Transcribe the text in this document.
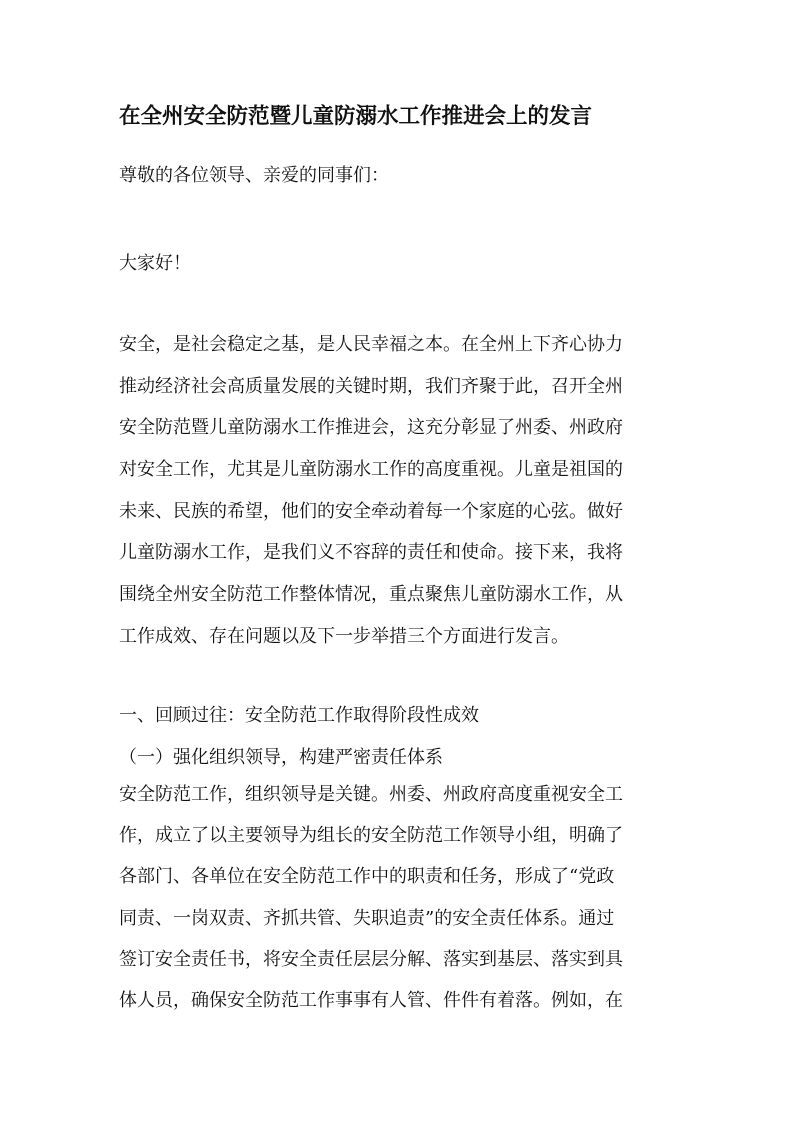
在全州安全防范暨儿童防溺水工作推进会上的发言

尊敬的各位领导、亲爱的同事们：

大家好！

安全，是社会稳定之基，是人民幸福之本。在全州上下齐心协力
推动经济社会高质量发展的关键时期，我们齐聚于此，召开全州
安全防范暨儿童防溺水工作推进会，这充分彰显了州委、州政府
对安全工作，尤其是儿童防溺水工作的高度重视。儿童是祖国的
未来、民族的希望，他们的安全牵动着每一个家庭的心弦。做好
儿童防溺水工作，是我们义不容辞的责任和使命。接下来，我将
围绕全州安全防范工作整体情况，重点聚焦儿童防溺水工作，从
工作成效、存在问题以及下一步举措三个方面进行发言。

一、回顾过往：安全防范工作取得阶段性成效

（一）强化组织领导，构建严密责任体系

安全防范工作，组织领导是关键。州委、州政府高度重视安全工
作，成立了以主要领导为组长的安全防范工作领导小组，明确了
各部门、各单位在安全防范工作中的职责和任务，形成了“党政
同责、一岗双责、齐抓共管、失职追责”的安全责任体系。通过
签订安全责任书，将安全责任层层分解、落实到基层、落实到具
体人员，确保安全防范工作事事有人管、件件有着落。例如，在
